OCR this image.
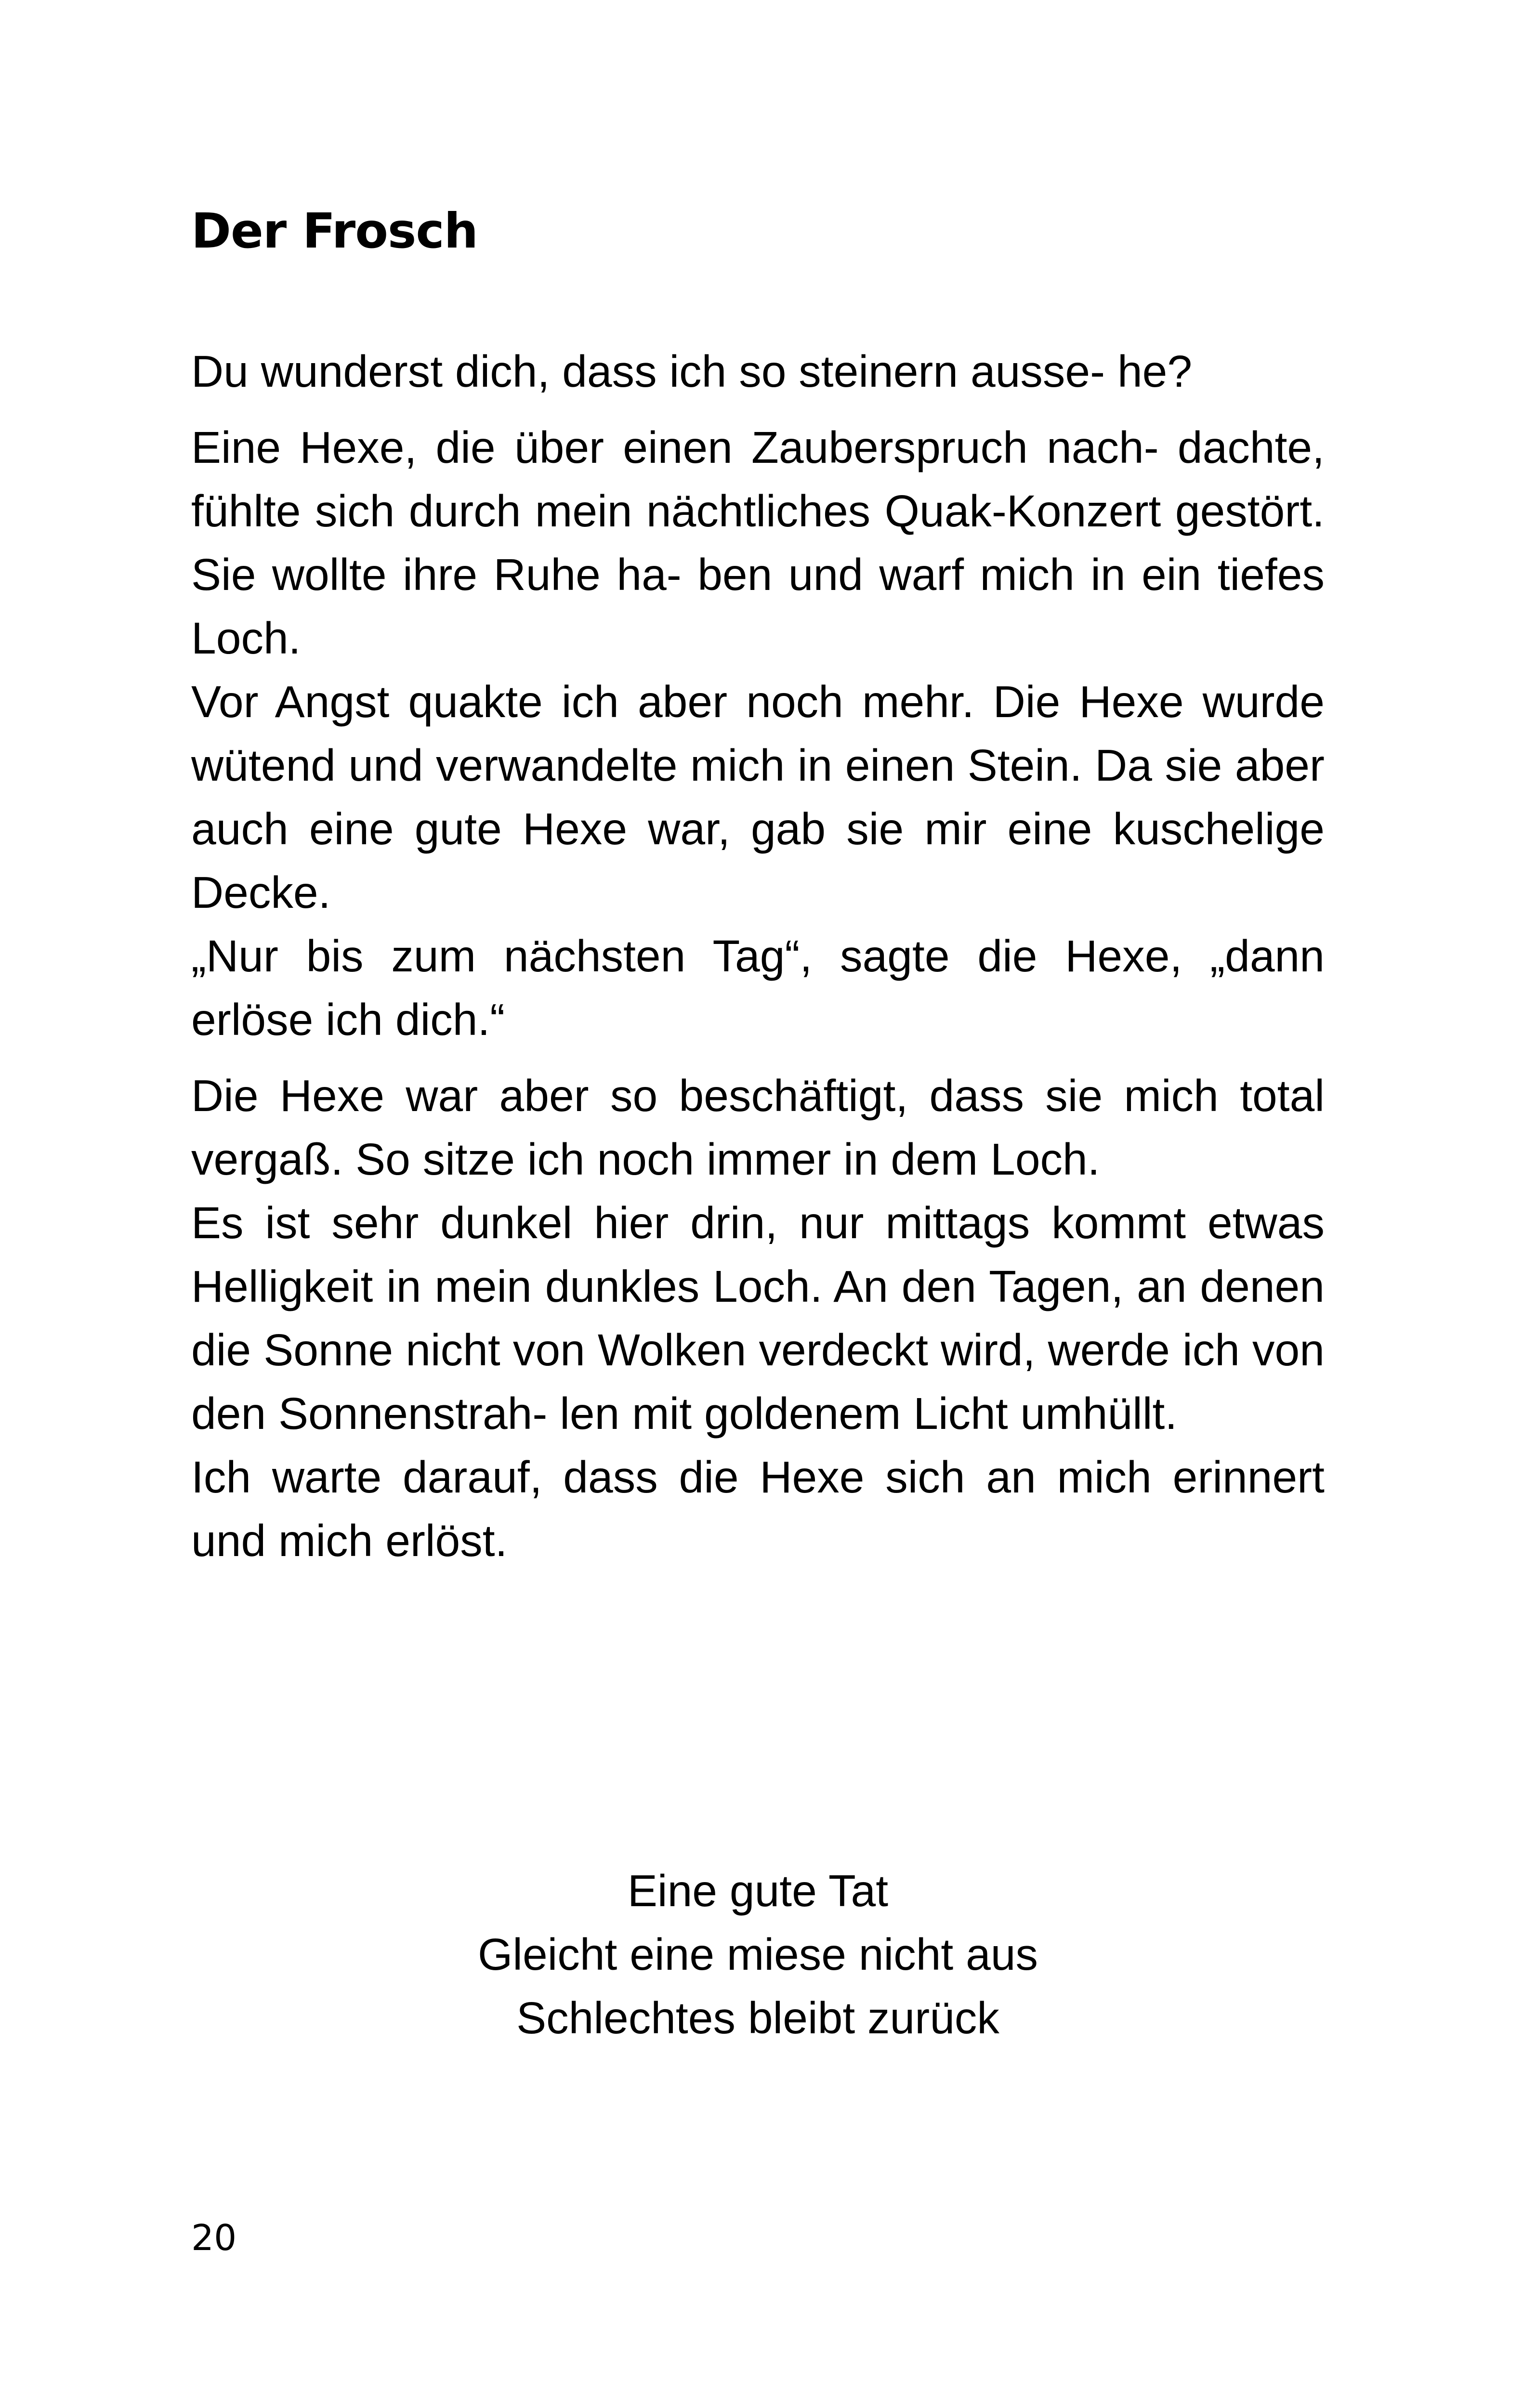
Der Frosch

Du wunderst dich, dass ich so steinern ausse- he?

Eine Hexe, die über einen Zauberspruch nach- dachte, fühlte sich durch mein nächtliches Quak-Konzert gestört. Sie wollte ihre Ruhe ha- ben und warf mich in ein tiefes Loch.

Vor Angst quakte ich aber noch mehr. Die Hexe wurde wütend und verwandelte mich in einen Stein. Da sie aber auch eine gute Hexe war, gab sie mir eine kuschelige Decke.

„Nur bis zum nächsten Tag“, sagte die Hexe, „dann erlöse ich dich.“

Die Hexe war aber so beschäftigt, dass sie mich total vergaß. So sitze ich noch immer in dem Loch.

Es ist sehr dunkel hier drin, nur mittags kommt etwas Helligkeit in mein dunkles Loch. An den Tagen, an denen die Sonne nicht von Wolken verdeckt wird, werde ich von den Sonnenstrah- len mit goldenem Licht umhüllt.

Ich warte darauf, dass die Hexe sich an mich erinnert und mich erlöst.

Eine gute Tat
Gleicht eine miese nicht aus
Schlechtes bleibt zurück
20
